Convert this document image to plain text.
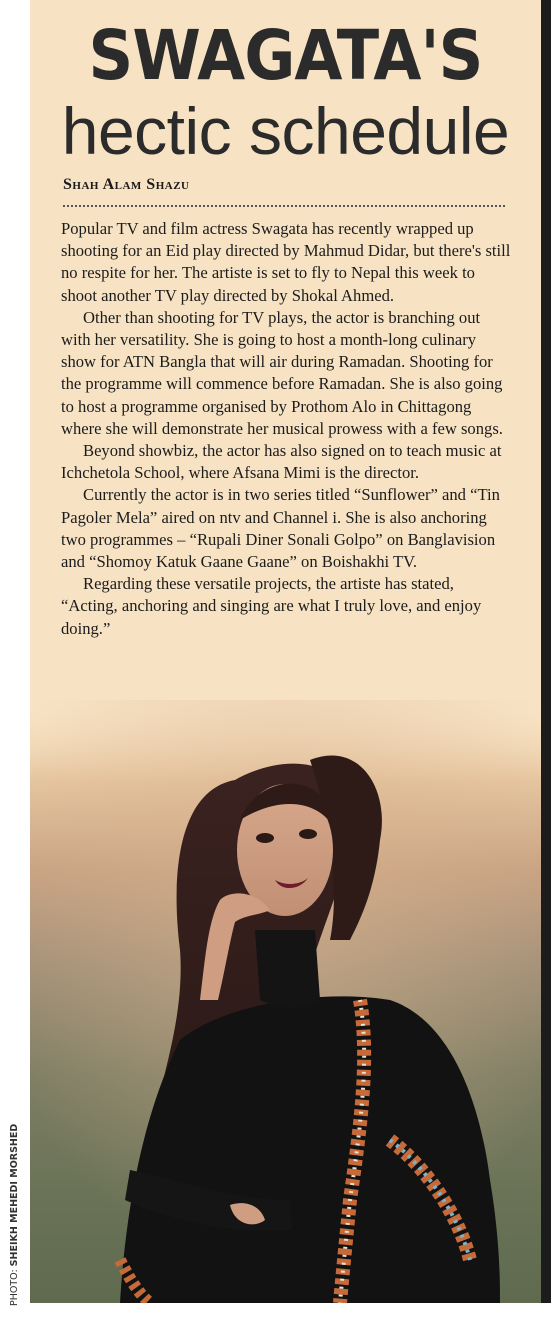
SWAGATA'S
hectic schedule
Shah Alam Shazu

Popular TV and film actress Swagata has recently wrapped up shooting for an Eid play directed by Mahmud Didar, but there's still no respite for her. The artiste is set to fly to Nepal this week to shoot another TV play directed by Shokal Ahmed.

Other than shooting for TV plays, the actor is branching out with her versatility. She is going to host a month-long culinary show for ATN Bangla that will air during Ramadan. Shooting for the programme will commence before Ramadan. She is also going to host a programme organised by Prothom Alo in Chittagong where she will demonstrate her musical prowess with a few songs.

Beyond showbiz, the actor has also signed on to teach music at Ichchetola School, where Afsana Mimi is the director.

Currently the actor is in two series titled “Sunflower” and “Tin Pagoler Mela” aired on ntv and Channel i. She is also anchoring two programmes – “Rupali Diner Sonali Golpo” on Banglavision and “Shomoy Katuk Gaane Gaane” on Boishakhi TV.

Regarding these versatile projects, the artiste has stated, “Acting, anchoring and singing are what I truly love, and enjoy doing.”

PHOTO: SHEIKH MEHEDI MORSHED
